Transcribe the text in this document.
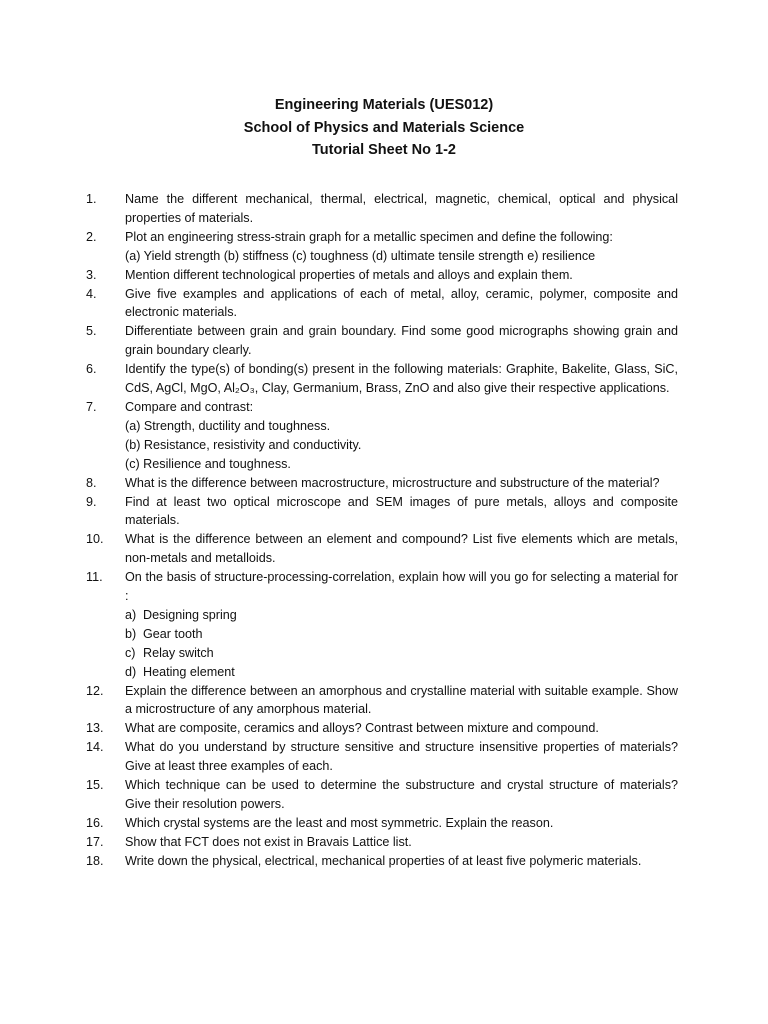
Engineering Materials (UES012)
School of Physics and Materials Science
Tutorial Sheet No 1-2
1.	Name the different mechanical, thermal, electrical, magnetic, chemical, optical and physical properties of materials.
2.	Plot an engineering stress-strain graph for a metallic specimen and define the following:
(a) Yield strength (b) stiffness (c) toughness (d) ultimate tensile strength e) resilience
3.	Mention different technological properties of metals and alloys and explain them.
4.	Give five examples and applications of each of metal, alloy, ceramic, polymer, composite and electronic materials.
5.	Differentiate between grain and grain boundary. Find some good micrographs showing grain and grain boundary clearly.
6.	Identify the type(s) of bonding(s) present in the following materials: Graphite, Bakelite, Glass, SiC, CdS, AgCl, MgO, Al₂O₃, Clay, Germanium, Brass, ZnO and also give their respective applications.
7.	Compare and contrast:
(a) Strength, ductility and toughness.
(b) Resistance, resistivity and conductivity.
(c) Resilience and toughness.
8.	What is the difference between macrostructure, microstructure and substructure of the material?
9.	Find at least two optical microscope and SEM images of pure metals, alloys and composite materials.
10.	What is the difference between an element and compound? List five elements which are metals, non-metals and metalloids.
11.	On the basis of structure-processing-correlation, explain how will you go for selecting a material for :
a) Designing spring
b) Gear tooth
c) Relay switch
d) Heating element
12.	Explain the difference between an amorphous and crystalline material with suitable example. Show a microstructure of any amorphous material.
13.	What are composite, ceramics and alloys? Contrast between mixture and compound.
14.	What do you understand by structure sensitive and structure insensitive properties of materials? Give at least three examples of each.
15.	Which technique can be used to determine the substructure and crystal structure of materials? Give their resolution powers.
16.	Which crystal systems are the least and most symmetric. Explain the reason.
17.	Show that FCT does not exist in Bravais Lattice list.
18.	Write down the physical, electrical, mechanical properties of at least five polymeric materials.
